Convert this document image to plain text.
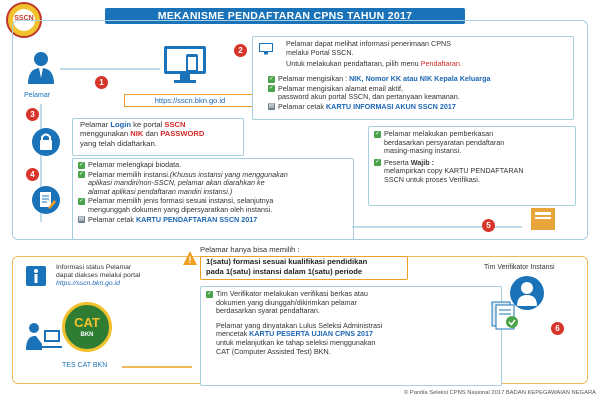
SSCN	MEKANISME PENDAFTARAN CPNS TAHUN 2017
Pelamar
1
https://sscn.bkn.go.id
2
Pelamar dapat melihat informasi penerimaan CPNS
melalui Portal SSCN.
Untuk melakukan pendaftaran, pilih menu Pendaftaran.
✓ Pelamar mengisikan : NIK, Nomor KK atau NIK Kepala Keluarga
✓ Pelamar mengisikan alamat email aktif,
password akun portal SSCN, dan pertanyaan keamanan.
▤ Pelamar cetak KARTU INFORMASI AKUN SSCN 2017
3
Pelamar Login ke portal SSCN
menggunakan NIK dan PASSWORD
yang telah didaftarkan.
4
✓ Pelamar melengkapi biodata.
✓ Pelamar memilih instansi.(Khusus instansi yang menggunakan
aplikasi mandiri/non-SSCN, pelamar akan diarahkan ke
alamat aplikasi pendaftaran mandiri instansi.)
✓ Pelamar memilih jenis formasi sesuai instansi, selanjutnya
mengunggah dokumen yang dipersyaratkan oleh instansi.
▤ Pelamar cetak KARTU PENDAFTARAN SSCN 2017
✓ Pelamar melakukan pemberkasan
berdasarkan persyaratan pendaftaran
masing-masing instansi.
✓ Peserta Wajib :
melampirkan copy KARTU PENDAFTARAN
SSCN untuk proses Verifikasi.
5
!
Pelamar hanya bisa memilih :
1(satu) formasi sesuai kualifikasi pendidikan
pada 1(satu) instansi dalam 1(satu) periode
Informasi status Pelamar
dapat diakses melalui portal
https://sscn.bkn.go.id
CAT
BKN
TES CAT BKN
Tim Verifikator Instansi
6
✓ Tim Verifikator melakukan verifikasi berkas atau
dokumen yang diunggah/dikirimkan pelamar
berdasarkan syarat pendaftaran.
Pelamar yang dinyatakan Lulus Seleksi Administrasi
mencetak KARTU PESERTA UJIAN CPNS 2017
untuk melanjutkan ke tahap seleksi menggunakan
CAT (Computer Assisted Test) BKN.
© Panitia Seleksi CPNS Nasional 2017 BADAN KEPEGAWAIAN NEGARA
